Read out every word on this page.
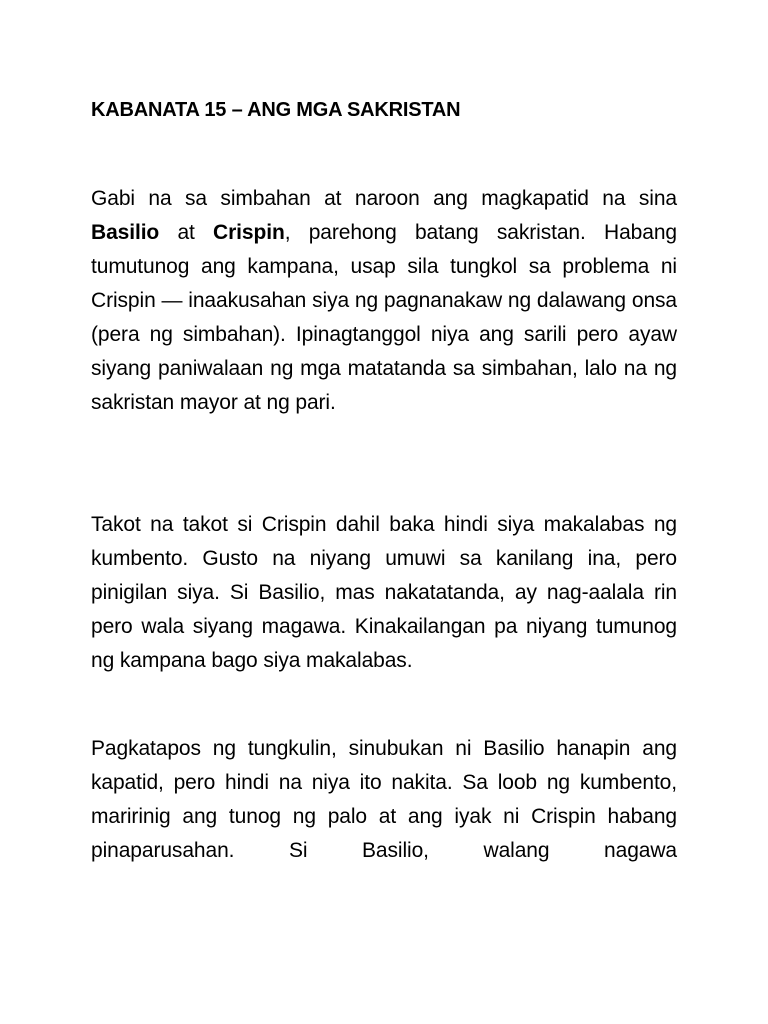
KABANATA 15 – ANG MGA SAKRISTAN

Gabi na sa simbahan at naroon ang magkapatid na sina Basilio at Crispin, parehong batang sakristan. Habang tumutunog ang kampana, usap sila tungkol sa problema ni Crispin — inaakusahan siya ng pagnanakaw ng dalawang onsa (pera ng simbahan). Ipinagtanggol niya ang sarili pero ayaw siyang paniwalaan ng mga matatanda sa simbahan, lalo na ng sakristan mayor at ng pari.

Takot na takot si Crispin dahil baka hindi siya makalabas ng kumbento. Gusto na niyang umuwi sa kanilang ina, pero pinigilan siya. Si Basilio, mas nakatatanda, ay nag-aalala rin pero wala siyang magawa. Kinakailangan pa niyang tumunog ng kampana bago siya makalabas.

Pagkatapos ng tungkulin, sinubukan ni Basilio hanapin ang kapatid, pero hindi na niya ito nakita. Sa loob ng kumbento, maririnig ang tunog ng palo at ang iyak ni Crispin habang pinaparusahan. Si Basilio, walang nagawa
